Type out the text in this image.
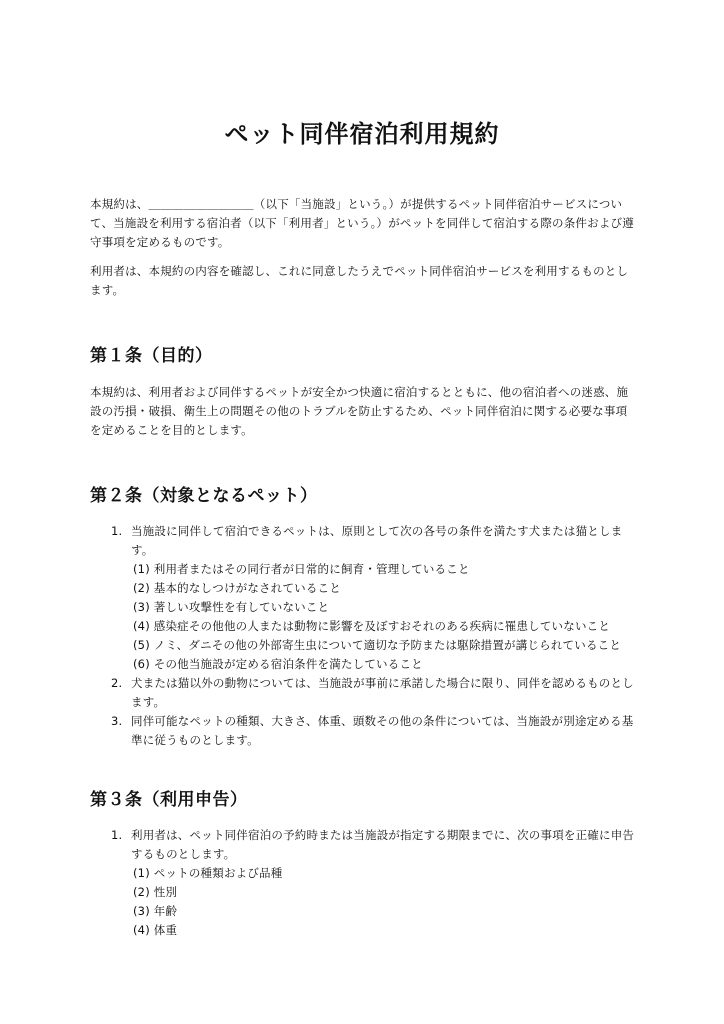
ペット同伴宿泊利用規約
本規約は、＿＿＿＿＿＿＿＿＿（以下「当施設」という。）が提供するペット同伴宿泊サービスについて、当施設を利用する宿泊者（以下「利用者」という。）がペットを同伴して宿泊する際の条件および遵守事項を定めるものです。
利用者は、本規約の内容を確認し、これに同意したうえでペット同伴宿泊サービスを利用するものとします。
第１条（目的）
本規約は、利用者および同伴するペットが安全かつ快適に宿泊するとともに、他の宿泊者への迷惑、施設の汚損・破損、衛生上の問題その他のトラブルを防止するため、ペット同伴宿泊に関する必要な事項を定めることを目的とします。
第２条（対象となるペット）
1. 当施設に同伴して宿泊できるペットは、原則として次の各号の条件を満たす犬または猫とします。
(1) 利用者またはその同行者が日常的に飼育・管理していること
(2) 基本的なしつけがなされていること
(3) 著しい攻撃性を有していないこと
(4) 感染症その他他の人または動物に影響を及ぼすおそれのある疾病に罹患していないこと
(5) ノミ、ダニその他の外部寄生虫について適切な予防または駆除措置が講じられていること
(6) その他当施設が定める宿泊条件を満たしていること
2. 犬または猫以外の動物については、当施設が事前に承諾した場合に限り、同伴を認めるものとします。
3. 同伴可能なペットの種類、大きさ、体重、頭数その他の条件については、当施設が別途定める基準に従うものとします。
第３条（利用申告）
1. 利用者は、ペット同伴宿泊の予約時または当施設が指定する期限までに、次の事項を正確に申告するものとします。
(1) ペットの種類および品種
(2) 性別
(3) 年齢
(4) 体重
